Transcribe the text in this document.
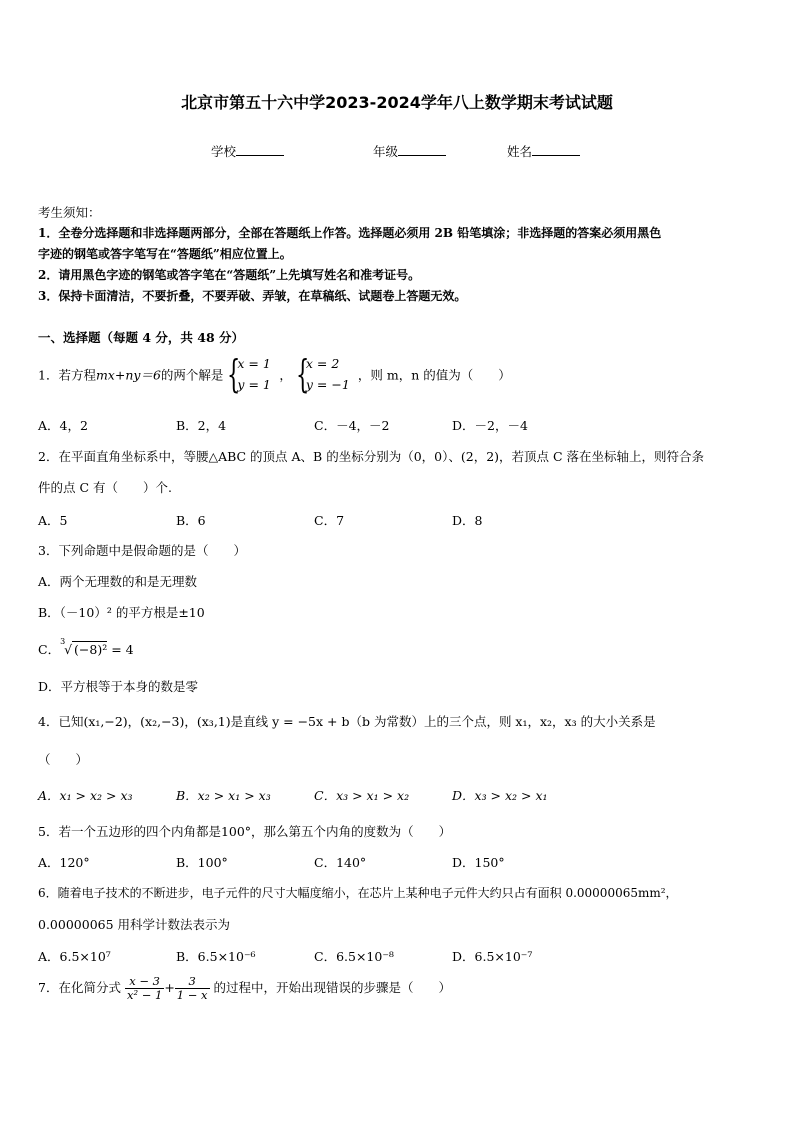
北京市第五十六中学2023-2024学年八上数学期末考试试题
学校	年级	姓名
考生须知：
1．全卷分选择题和非选择题两部分，全部在答题纸上作答。选择题必须用 2B 铅笔填涂；非选择题的答案必须用黑色
字迹的钢笔或答字笔写在“答题纸”相应位置上。
2．请用黑色字迹的钢笔或答字笔在“答题纸”上先填写姓名和准考证号。
3．保持卡面清洁，不要折叠，不要弄破、弄皱，在草稿纸、试题卷上答题无效。
一、选择题（每题 4 分，共 48 分）
1．若方程mx+ny＝6的两个解是 {
x = 1
y = 1
， {
x = 2
y = −1
，则 m，n 的值为（　　）
A．4，2	B．2，4	C．－4，－2	D．－2，－4
2．在平面直角坐标系中，等腰△ABC 的顶点 A、B 的坐标分别为（0，0）、(2，2)，若顶点 C 落在坐标轴上，则符合条
件的点 C 有（　　）个.
A．5	B．6	C．7	D．8
3．下列命题中是假命题的是（　　）
A．两个无理数的和是无理数
B．（－10）² 的平方根是±10
C．
3
√ (−8)² = 4
D．平方根等于本身的数是零
4．已知(x₁,−2)，(x₂,−3)，(x₃,1)是直线 y = −5x + b（b 为常数）上的三个点，则 x₁，x₂，x₃ 的大小关系是
（　　）
A．x₁ > x₂ > x₃	B．x₂ > x₁ > x₃	C．x₃ > x₁ > x₂	D．x₃ > x₂ > x₁
5．若一个五边形的四个内角都是100°，那么第五个内角的度数为（　　）
A．120°	B．100°	C．140°	D．150°
6．随着电子技术的不断进步，电子元件的尺寸大幅度缩小，在芯片上某种电子元件大约只占有面积 0.00000065mm²，
0.00000065 用科学计数法表示为
A．6.5×10⁷	B．6.5×10⁻⁶	C．6.5×10⁻⁸	D．6.5×10⁻⁷
7．在化简分式 $\frac{x - 3}{\text{x² − 1}} + \frac{3}{1 - x}$ 的过程中，开始出现错误的步骤是（　　）
